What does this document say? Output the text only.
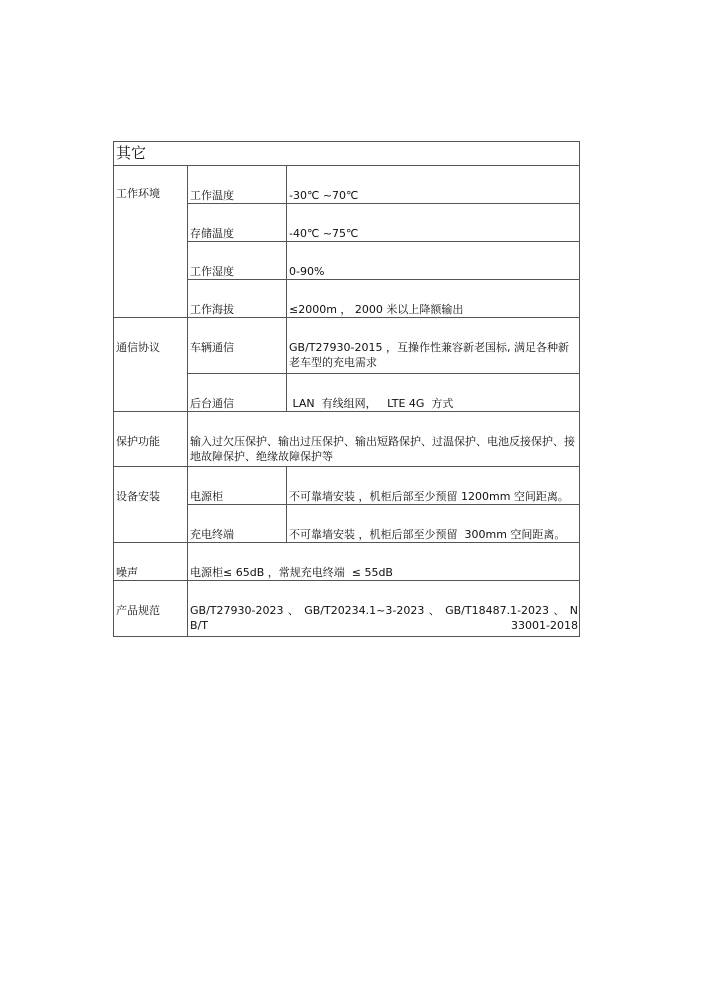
其它		
工作环境	工作温度	-30℃ ~70℃
	存储温度	-40℃ ~75℃
	工作湿度	0-90%
	工作海拔	≤2000m ， 2000 米以上降额输出
通信协议	车辆通信	GB/T27930-2015 ，互操作性兼容新老国标, 满足各种新老车型的充电需求
	后台通信	LAN  有线组网，   LTE 4G  方式
保护功能	输入过欠压保护、输出过压保护、输出短路保护、过温保护、电池反接保护、接地故障保护、绝缘故障保护等	
设备安装	电源柜	不可靠墙安装 ，机柜后部至少预留 1200mm 空间距离。
	充电终端	不可靠墙安装 ，机柜后部至少预留  300mm 空间距离。
噪声	电源柜≤ 65dB ，常规充电终端  ≤ 55dB	
产品规范	GB/T27930-2023 、 GB/T20234.1~3-2023 、 GB/T18487.1-2023 、 NB/T 33001-2018	
